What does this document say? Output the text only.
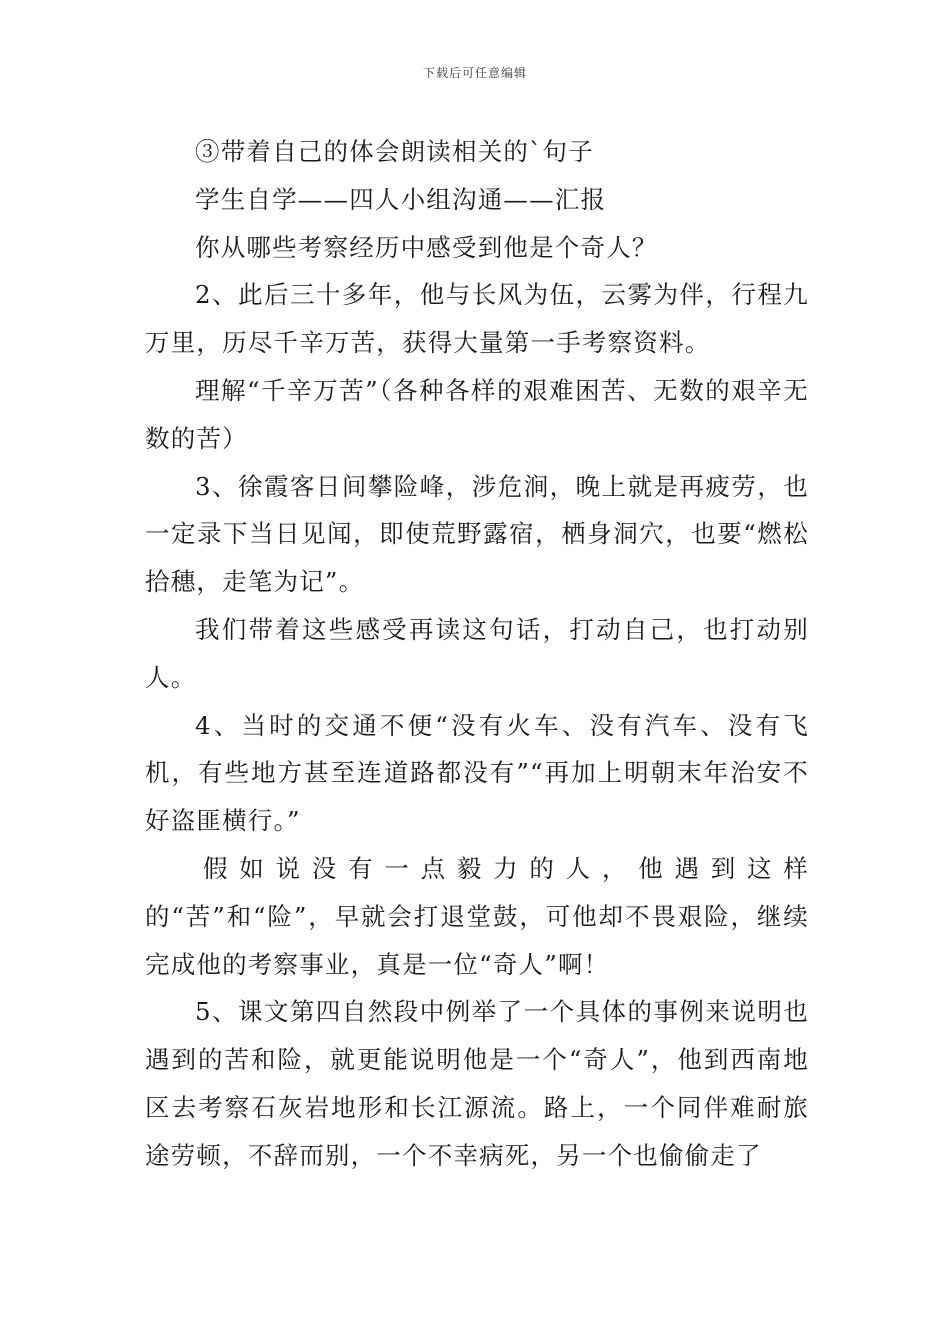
下载后可任意编辑

③带着自己的体会朗读相关的`句子

学生自学——四人小组沟通——汇报

你从哪些考察经历中感受到他是个奇人？

2、此后三十多年，他与长风为伍，云雾为伴，行程九万里，历尽千辛万苦，获得大量第一手考察资料。

理解“千辛万苦”（各种各样的艰难困苦、无数的艰辛无数的苦）

3、徐霞客日间攀险峰，涉危涧，晚上就是再疲劳，也一定录下当日见闻，即使荒野露宿，栖身洞穴，也要“燃松拾穗，走笔为记”。

我们带着这些感受再读这句话，打动自己，也打动别人。

4、当时的交通不便“没有火车、没有汽车、没有飞机，有些地方甚至连道路都没有”“再加上明朝末年治安不好盗匪横行。”

假如说没有一点毅力的人，他遇到这样的“苦”和“险”，早就会打退堂鼓，可他却不畏艰险，继续完成他的考察事业，真是一位“奇人”啊！

5、课文第四自然段中例举了一个具体的事例来说明也遇到的苦和险，就更能说明他是一个“奇人”，他到西南地区去考察石灰岩地形和长江源流。路上，一个同伴难耐旅途劳顿，不辞而别，一个不幸病死，另一个也偷偷走了
